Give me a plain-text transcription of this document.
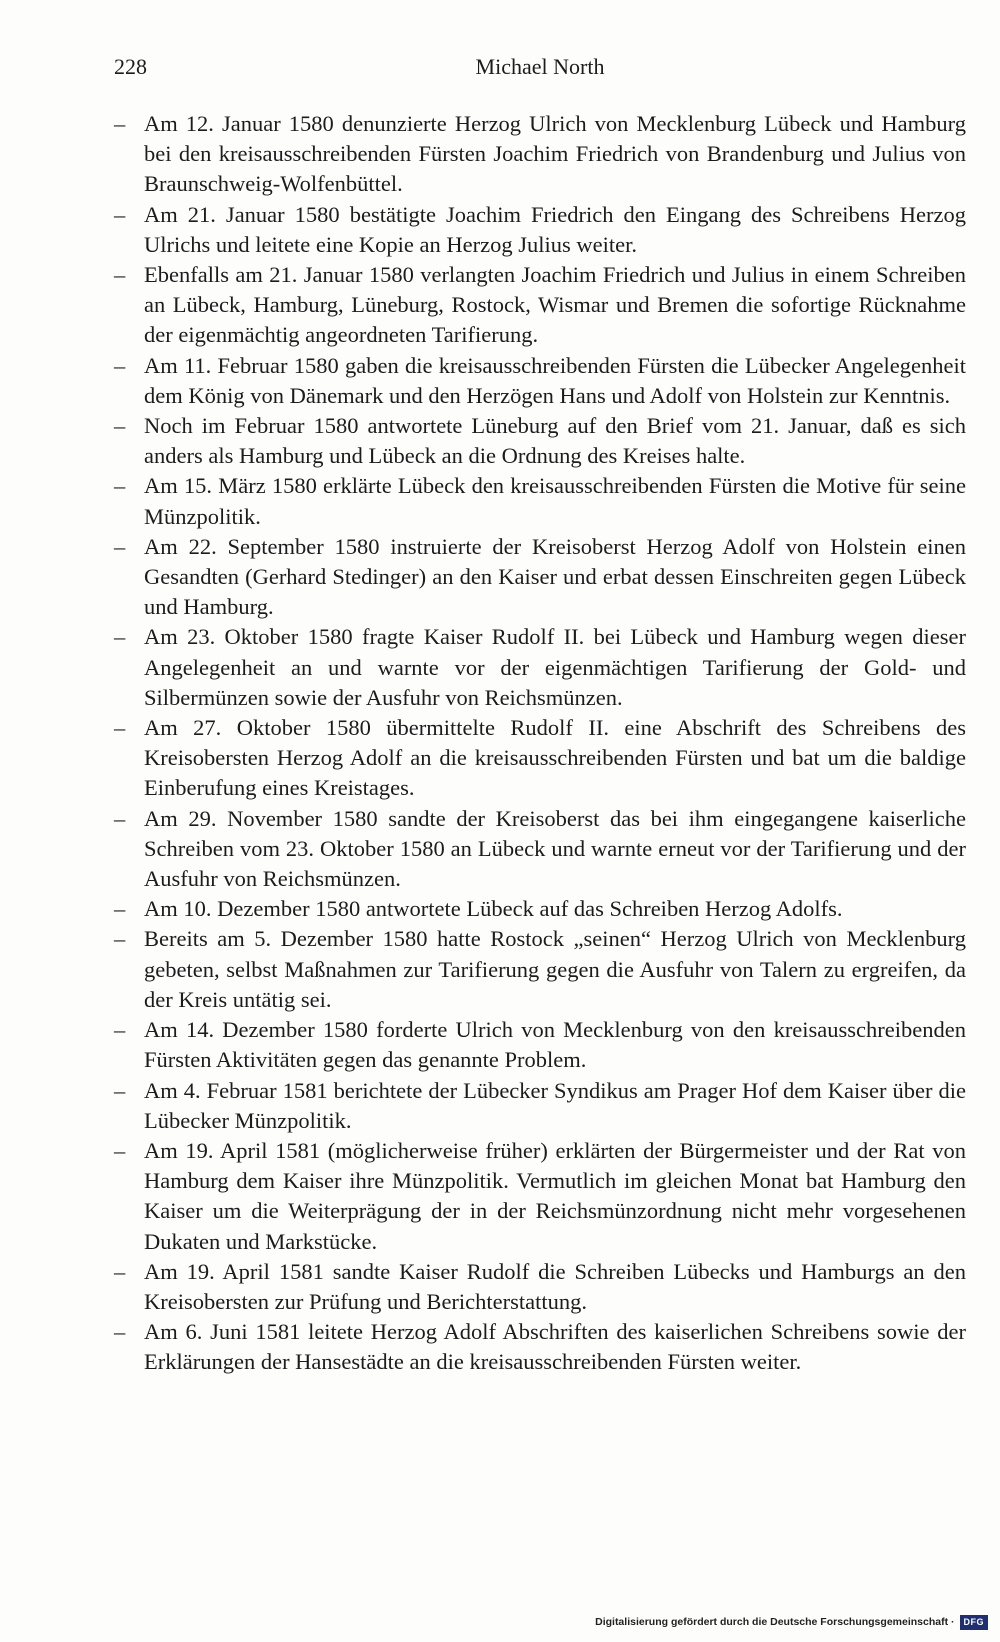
228	Michael North
– Am 12. Januar 1580 denunzierte Herzog Ulrich von Mecklenburg Lübeck und Hamburg bei den kreisausschreibenden Fürsten Joachim Friedrich von Brandenburg und Julius von Braunschweig-Wolfenbüttel.
– Am 21. Januar 1580 bestätigte Joachim Friedrich den Eingang des Schreibens Herzog Ulrichs und leitete eine Kopie an Herzog Julius weiter.
– Ebenfalls am 21. Januar 1580 verlangten Joachim Friedrich und Julius in einem Schreiben an Lübeck, Hamburg, Lüneburg, Rostock, Wismar und Bremen die sofortige Rücknahme der eigenmächtig angeordneten Tarifierung.
– Am 11. Februar 1580 gaben die kreisausschreibenden Fürsten die Lübecker Angelegenheit dem König von Dänemark und den Herzögen Hans und Adolf von Holstein zur Kenntnis.
– Noch im Februar 1580 antwortete Lüneburg auf den Brief vom 21. Januar, daß es sich anders als Hamburg und Lübeck an die Ordnung des Kreises halte.
– Am 15. März 1580 erklärte Lübeck den kreisausschreibenden Fürsten die Motive für seine Münzpolitik.
– Am 22. September 1580 instruierte der Kreisoberst Herzog Adolf von Holstein einen Gesandten (Gerhard Stedinger) an den Kaiser und erbat dessen Einschreiten gegen Lübeck und Hamburg.
– Am 23. Oktober 1580 fragte Kaiser Rudolf II. bei Lübeck und Hamburg wegen dieser Angelegenheit an und warnte vor der eigenmächtigen Tarifierung der Gold- und Silbermünzen sowie der Ausfuhr von Reichsmünzen.
– Am 27. Oktober 1580 übermittelte Rudolf II. eine Abschrift des Schreibens des Kreisobersten Herzog Adolf an die kreisausschreibenden Fürsten und bat um die baldige Einberufung eines Kreistages.
– Am 29. November 1580 sandte der Kreisoberst das bei ihm eingegangene kaiserliche Schreiben vom 23. Oktober 1580 an Lübeck und warnte erneut vor der Tarifierung und der Ausfuhr von Reichsmünzen.
– Am 10. Dezember 1580 antwortete Lübeck auf das Schreiben Herzog Adolfs.
– Bereits am 5. Dezember 1580 hatte Rostock „seinen“ Herzog Ulrich von Mecklenburg gebeten, selbst Maßnahmen zur Tarifierung gegen die Ausfuhr von Talern zu ergreifen, da der Kreis untätig sei.
– Am 14. Dezember 1580 forderte Ulrich von Mecklenburg von den kreisausschreibenden Fürsten Aktivitäten gegen das genannte Problem.
– Am 4. Februar 1581 berichtete der Lübecker Syndikus am Prager Hof dem Kaiser über die Lübecker Münzpolitik.
– Am 19. April 1581 (möglicherweise früher) erklärten der Bürgermeister und der Rat von Hamburg dem Kaiser ihre Münzpolitik. Vermutlich im gleichen Monat bat Hamburg den Kaiser um die Weiterprägung der in der Reichsmünzordnung nicht mehr vorgesehenen Dukaten und Markstücke.
– Am 19. April 1581 sandte Kaiser Rudolf die Schreiben Lübecks und Hamburgs an den Kreisobersten zur Prüfung und Berichterstattung.
– Am 6. Juni 1581 leitete Herzog Adolf Abschriften des kaiserlichen Schreibens sowie der Erklärungen der Hansestädte an die kreisausschreibenden Fürsten weiter.
Digitalisierung gefördert durch die Deutsche Forschungsgemeinschaft ·	DFG
